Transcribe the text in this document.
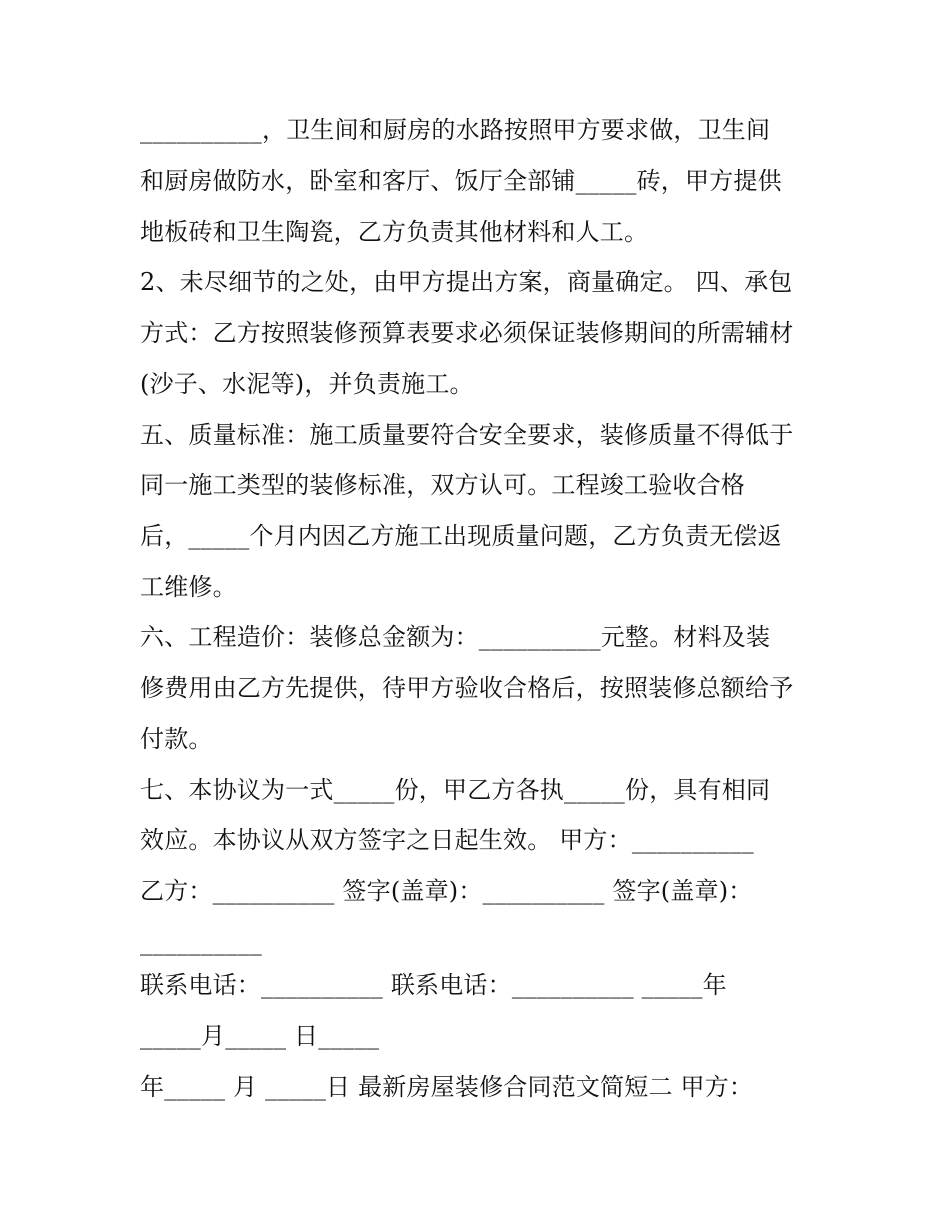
__________，卫生间和厨房的水路按照甲方要求做，卫生间
和厨房做防水，卧室和客厅、饭厅全部铺_____砖，甲方提供
地板砖和卫生陶瓷，乙方负责其他材料和人工。
2、未尽细节的之处，由甲方提出方案，商量确定。 四、承包
方式：乙方按照装修预算表要求必须保证装修期间的所需辅材
(沙子、水泥等)，并负责施工。
五、质量标准：施工质量要符合安全要求，装修质量不得低于
同一施工类型的装修标准，双方认可。工程竣工验收合格
后，_____个月内因乙方施工出现质量问题，乙方负责无偿返
工维修。
六、工程造价：装修总金额为：__________元整。材料及装
修费用由乙方先提供，待甲方验收合格后，按照装修总额给予
付款。
七、本协议为一式_____份，甲乙方各执_____份，具有相同
效应。本协议从双方签字之日起生效。 甲方：__________
乙方：__________ 签字(盖章)：__________ 签字(盖章)：
__________
联系电话：__________ 联系电话：__________ _____年
_____月_____ 日_____
年_____ 月 _____日 最新房屋装修合同范文简短二 甲方：
